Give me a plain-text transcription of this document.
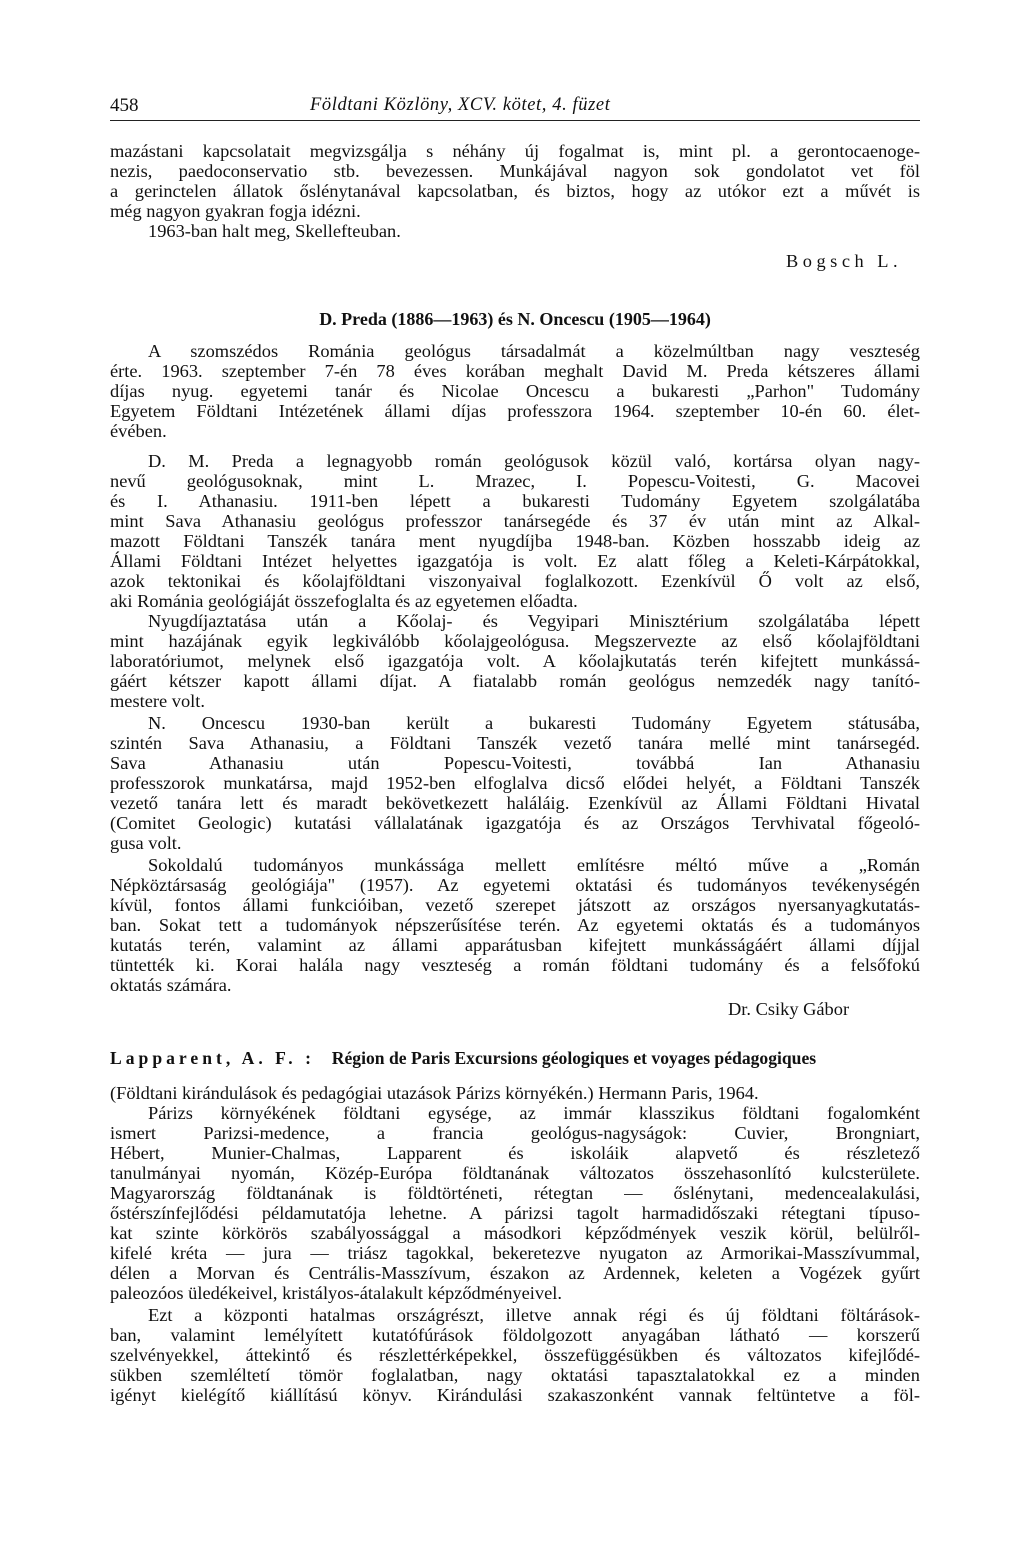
458	Földtani Közlöny, XCV. kötet, 4. füzet
mazástani kapcsolatait megvizsgálja s néhány új fogalmat is, mint pl. a gerontocaenoge-
nezis, paedoconservatio stb. bevezessen. Munkájával nagyon sok gondolatot vet föl
a gerinctelen állatok őslénytanával kapcsolatban, és biztos, hogy az utókor ezt a művét is
még nagyon gyakran fogja idézni.
1963-ban halt meg, Skellefteuban.
Bogsch L.
D. Preda (1886—1963) és N. Oncescu (1905—1964)
A szomszédos Románia geológus társadalmát a közelmúltban nagy veszteség
érte. 1963. szeptember 7-én 78 éves korában meghalt David M. Preda kétszeres állami
díjas nyug. egyetemi tanár és Nicolae Oncescu a bukaresti „Parhon" Tudomány
Egyetem Földtani Intézetének állami díjas professzora 1964. szeptember 10-én 60. élet-
évében.
D. M. Preda a legnagyobb román geológusok közül való, kortársa olyan nagy-
nevű geológusoknak, mint L. Mrazec, I. Popescu-Voitesti, G. Macovei
és I. Athanasiu. 1911-ben lépett a bukaresti Tudomány Egyetem szolgálatába
mint Sava Athanasiu geológus professzor tanársegéde és 37 év után mint az Alkal-
mazott Földtani Tanszék tanára ment nyugdíjba 1948-ban. Közben hosszabb ideig az
Állami Földtani Intézet helyettes igazgatója is volt. Ez alatt főleg a Keleti-Kárpátokkal,
azok tektonikai és kőolajföldtani viszonyaival foglalkozott. Ezenkívül Ő volt az első,
aki Románia geológiáját összefoglalta és az egyetemen előadta.
Nyugdíjaztatása után a Kőolaj- és Vegyipari Minisztérium szolgálatába lépett
mint hazájának egyik legkiválóbb kőolajgeológusa. Megszervezte az első kőolajföldtani
laboratóriumot, melynek első igazgatója volt. A kőolajkutatás terén kifejtett munkássá-
gáért kétszer kapott állami díjat. A fiatalabb román geológus nemzedék nagy tanító-
mestere volt.
N. Oncescu 1930-ban került a bukaresti Tudomány Egyetem státusába,
szintén Sava Athanasiu, a Földtani Tanszék vezető tanára mellé mint tanársegéd.
Sava Athanasiu után Popescu-Voitesti, továbbá Ian Athanasiu
professzorok munkatársa, majd 1952-ben elfoglalva dicső elődei helyét, a Földtani Tanszék
vezető tanára lett és maradt bekövetkezett haláláig. Ezenkívül az Állami Földtani Hivatal
(Comitet Geologic) kutatási vállalatának igazgatója és az Országos Tervhivatal főgeoló-
gusa volt.
Sokoldalú tudományos munkássága mellett említésre méltó műve a „Román
Népköztársaság geológiája" (1957). Az egyetemi oktatási és tudományos tevékenységén
kívül, fontos állami funkcióiban, vezető szerepet játszott az országos nyersanyagkutatás-
ban. Sokat tett a tudományok népszerűsítése terén. Az egyetemi oktatás és a tudományos
kutatás terén, valamint az állami apparátusban kifejtett munkásságáért állami díjjal
tüntették ki. Korai halála nagy veszteség a román földtani tudomány és a felsőfokú
oktatás számára.
Dr. Csiky Gábor
Lapparent, A. F. : Région de Paris Excursions géologiques et voyages pédagogiques
(Földtani kirándulások és pedagógiai utazások Párizs környékén.) Hermann Paris, 1964.
Párizs környékének földtani egysége, az immár klasszikus földtani fogalomként
ismert Parizsi-medence, a francia geológus-nagyságok: Cuvier, Brongniart,
Hébert, Munier-Chalmas, Lapparent és iskoláik alapvető és részletező
tanulmányai nyomán, Közép-Európa földtanának változatos összehasonlító kulcsterülete.
Magyarország földtanának is földtörténeti, rétegtan — őslénytani, medencealakulási,
őstérszínfejlődési példamutatója lehetne. A párizsi tagolt harmadidőszaki rétegtani típuso-
kat szinte körkörös szabályossággal a másodkori képződmények veszik körül, belülről-
kifelé kréta — jura — triász tagokkal, bekeretezve nyugaton az Armorikai-Masszívummal,
délen a Morvan és Centrális-Masszívum, északon az Ardennek, keleten a Vogézek gyűrt
paleozóos üledékeivel, kristályos-átalakult képződményeivel.
Ezt a központi hatalmas országrészt, illetve annak régi és új földtani föltárások-
ban, valamint lemélyített kutatófúrások földolgozott anyagában látható — korszerű
szelvényekkel, áttekintő és részlettérképekkel, összefüggésükben és változatos kifejlődé-
sükben szemléltetí tömör foglalatban, nagy oktatási tapasztalatokkal ez a minden
igényt kielégítő kiállítású könyv. Kirándulási szakaszonként vannak feltüntetve a föl-
